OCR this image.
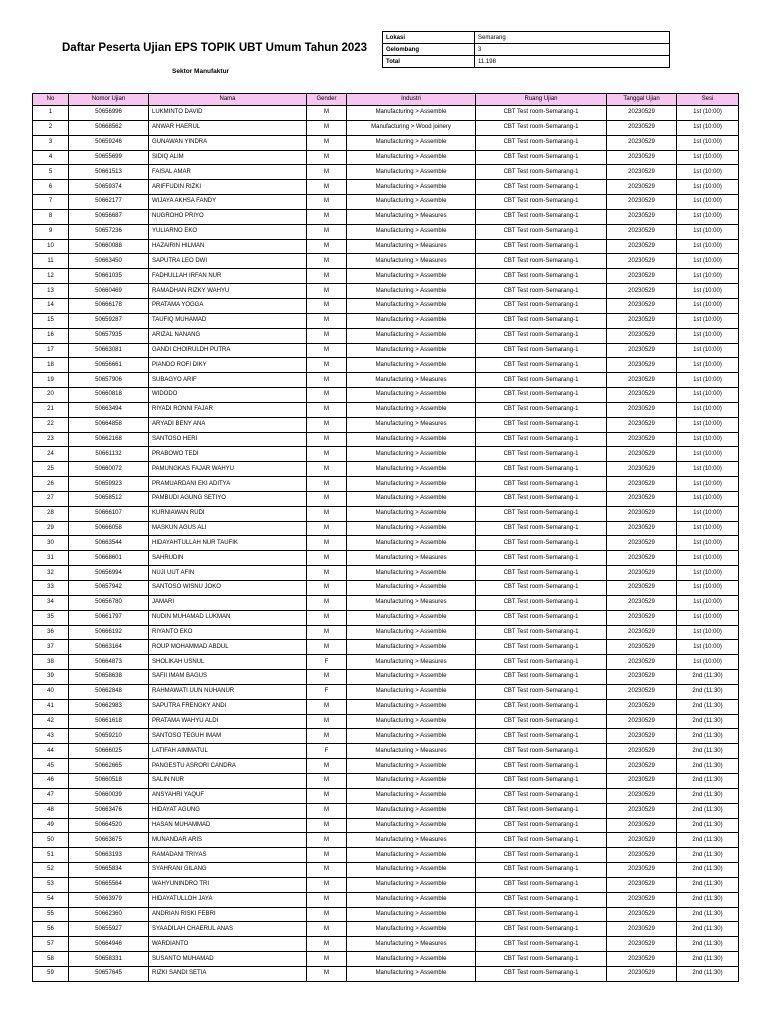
Daftar Peserta Ujian EPS TOPIK UBT Umum Tahun 2023
Sektor Manufaktur
Lokasi	Semarang
Gelombang	3
Total	11.198
No	Nomor Ujian	Nama	Gender	Industri	Ruang Ujian	Tanggal Ujian	Sesi
1	50656996	LUKMINTO DAVID	M	Manufacturing > Assemble	CBT Test room-Semarang-1	20230529	1st (10:00)
2	50668562	ANWAR HAERUL	M	Manufacturing > Wood joinery	CBT Test room-Semarang-1	20230529	1st (10:00)
3	50659246	GUNAWAN YINDRA	M	Manufacturing > Assemble	CBT Test room-Semarang-1	20230529	1st (10:00)
4	50655699	SIDIQ ALIM	M	Manufacturing > Assemble	CBT Test room-Semarang-1	20230529	1st (10:00)
5	50661513	FAISAL AMAR	M	Manufacturing > Assemble	CBT Test room-Semarang-1	20230529	1st (10:00)
6	50659374	ARIFFUDIN RIZKI	M	Manufacturing > Assemble	CBT Test room-Semarang-1	20230529	1st (10:00)
7	50662177	WIJAYA AKHSA FANDY	M	Manufacturing > Assemble	CBT Test room-Semarang-1	20230529	1st (10:00)
8	50656687	NUGROHO PRIYO	M	Manufacturing > Measures	CBT Test room-Semarang-1	20230529	1st (10:00)
9	50657236	YULIARNO EKO	M	Manufacturing > Assemble	CBT Test room-Semarang-1	20230529	1st (10:00)
10	50660088	HAZAIRIN HILMAN	M	Manufacturing > Measures	CBT Test room-Semarang-1	20230529	1st (10:00)
11	50663450	SAPUTRA LEO DWI	M	Manufacturing > Measures	CBT Test room-Semarang-1	20230529	1st (10:00)
12	50661035	FADHULLAH IRFAN NUR	M	Manufacturing > Assemble	CBT Test room-Semarang-1	20230529	1st (10:00)
13	50660469	RAMADHAN RIZKY WAHYU	M	Manufacturing > Assemble	CBT Test room-Semarang-1	20230529	1st (10:00)
14	50666178	PRATAMA YOGGA	M	Manufacturing > Assemble	CBT Test room-Semarang-1	20230529	1st (10:00)
15	50659287	TAUFIQ MUHAMAD	M	Manufacturing > Assemble	CBT Test room-Semarang-1	20230529	1st (10:00)
16	50657935	ARIZAL NANANG	M	Manufacturing > Assemble	CBT Test room-Semarang-1	20230529	1st (10:00)
17	50663081	GANDI CHOIRULDH PUTRA	M	Manufacturing > Assemble	CBT Test room-Semarang-1	20230529	1st (10:00)
18	50656661	PIANDO ROFI DIKY	M	Manufacturing > Assemble	CBT Test room-Semarang-1	20230529	1st (10:00)
19	50657906	SUBAGYO ARIF	M	Manufacturing > Measures	CBT Test room-Semarang-1	20230529	1st (10:00)
20	50660818	WIDODO	M	Manufacturing > Assemble	CBT Test room-Semarang-1	20230529	1st (10:00)
21	50663494	RIYADI RONNI FAJAR	M	Manufacturing > Assemble	CBT Test room-Semarang-1	20230529	1st (10:00)
22	50664858	ARYADI BENY ANA	M	Manufacturing > Measures	CBT Test room-Semarang-1	20230529	1st (10:00)
23	50662168	SANTOSO HERI	M	Manufacturing > Assemble	CBT Test room-Semarang-1	20230529	1st (10:00)
24	50661132	PRABOWO TEDI	M	Manufacturing > Assemble	CBT Test room-Semarang-1	20230529	1st (10:00)
25	50660072	PAMUNGKAS FAJAR WAHYU	M	Manufacturing > Assemble	CBT Test room-Semarang-1	20230529	1st (10:00)
26	50659923	PRAMUARDANI EKI ADITYA	M	Manufacturing > Assemble	CBT Test room-Semarang-1	20230529	1st (10:00)
27	50658512	PAMBUDI AGUNG SETIYO	M	Manufacturing > Assemble	CBT Test room-Semarang-1	20230529	1st (10:00)
28	50666107	KURNIAWAN RUDI	M	Manufacturing > Assemble	CBT Test room-Semarang-1	20230529	1st (10:00)
29	50666058	MASKUN AGUS ALI	M	Manufacturing > Assemble	CBT Test room-Semarang-1	20230529	1st (10:00)
30	50663544	HIDAYAHTULLAH NUR TAUFIK	M	Manufacturing > Assemble	CBT Test room-Semarang-1	20230529	1st (10:00)
31	50668601	SAHRUDIN	M	Manufacturing > Measures	CBT Test room-Semarang-1	20230529	1st (10:00)
32	50656994	NUJI UUT AFIN	M	Manufacturing > Assemble	CBT Test room-Semarang-1	20230529	1st (10:00)
33	50657942	SANTOSO WISNU JOKO	M	Manufacturing > Assemble	CBT Test room-Semarang-1	20230529	1st (10:00)
34	50656780	JAMARI	M	Manufacturing > Measures	CBT Test room-Semarang-1	20230529	1st (10:00)
35	50661797	NUDIN MUHAMAD LUKMAN	M	Manufacturing > Assemble	CBT Test room-Semarang-1	20230529	1st (10:00)
36	50666192	RIYANTO EKO	M	Manufacturing > Assemble	CBT Test room-Semarang-1	20230529	1st (10:00)
37	50663164	ROUP MOHAMMAD ABDUL	M	Manufacturing > Assemble	CBT Test room-Semarang-1	20230529	1st (10:00)
38	50664873	SHOLIKAH USNUL	F	Manufacturing > Measures	CBT Test room-Semarang-1	20230529	1st (10:00)
39	50658638	SAFII IMAM BAGUS	M	Manufacturing > Assemble	CBT Test room-Semarang-1	20230529	2nd (11:30)
40	50662848	RAHMAWATI UUN NUHANUR	F	Manufacturing > Assemble	CBT Test room-Semarang-1	20230529	2nd (11:30)
41	50662983	SAPUTRA FRENGKY ANDI	M	Manufacturing > Assemble	CBT Test room-Semarang-1	20230529	2nd (11:30)
42	50661618	PRATAMA WAHYU ALDI	M	Manufacturing > Assemble	CBT Test room-Semarang-1	20230529	2nd (11:30)
43	50659210	SANTOSO TEGUH IMAM	M	Manufacturing > Assemble	CBT Test room-Semarang-1	20230529	2nd (11:30)
44	50666025	LATIFAH AIMMATUL	F	Manufacturing > Measures	CBT Test room-Semarang-1	20230529	2nd (11:30)
45	50662665	PANGESTU ASRORI CANDRA	M	Manufacturing > Assemble	CBT Test room-Semarang-1	20230529	2nd (11:30)
46	50660518	SALIN NUR	M	Manufacturing > Assemble	CBT Test room-Semarang-1	20230529	2nd (11:30)
47	50660039	ANSYAHRI YAQUF	M	Manufacturing > Assemble	CBT Test room-Semarang-1	20230529	2nd (11:30)
48	50663476	HIDAYAT AGUNG	M	Manufacturing > Assemble	CBT Test room-Semarang-1	20230529	2nd (11:30)
49	50664520	HASAN MUHAMMAD	M	Manufacturing > Assemble	CBT Test room-Semarang-1	20230529	2nd (11:30)
50	50663675	MUNANDAR ARIS	M	Manufacturing > Measures	CBT Test room-Semarang-1	20230529	2nd (11:30)
51	50663193	RAMADANI TRIYAS	M	Manufacturing > Assemble	CBT Test room-Semarang-1	20230529	2nd (11:30)
52	50665834	SYAHRANI GILANG	M	Manufacturing > Assemble	CBT Test room-Semarang-1	20230529	2nd (11:30)
53	50665564	WAHYUNINDRO TRI	M	Manufacturing > Assemble	CBT Test room-Semarang-1	20230529	2nd (11:30)
54	50663979	HIDAYATULLOH JAYA	M	Manufacturing > Assemble	CBT Test room-Semarang-1	20230529	2nd (11:30)
55	50662360	ANDRIAN RISKI FEBRI	M	Manufacturing > Assemble	CBT Test room-Semarang-1	20230529	2nd (11:30)
56	50655927	SYAADILAH CHAERUL ANAS	M	Manufacturing > Assemble	CBT Test room-Semarang-1	20230529	2nd (11:30)
57	50664946	WARDIANTO	M	Manufacturing > Measures	CBT Test room-Semarang-1	20230529	2nd (11:30)
58	50658331	SUSANTO MUHAMAD	M	Manufacturing > Assemble	CBT Test room-Semarang-1	20230529	2nd (11:30)
59	50657645	RIZKI SANDI SETIA	M	Manufacturing > Assemble	CBT Test room-Semarang-1	20230529	2nd (11:30)
